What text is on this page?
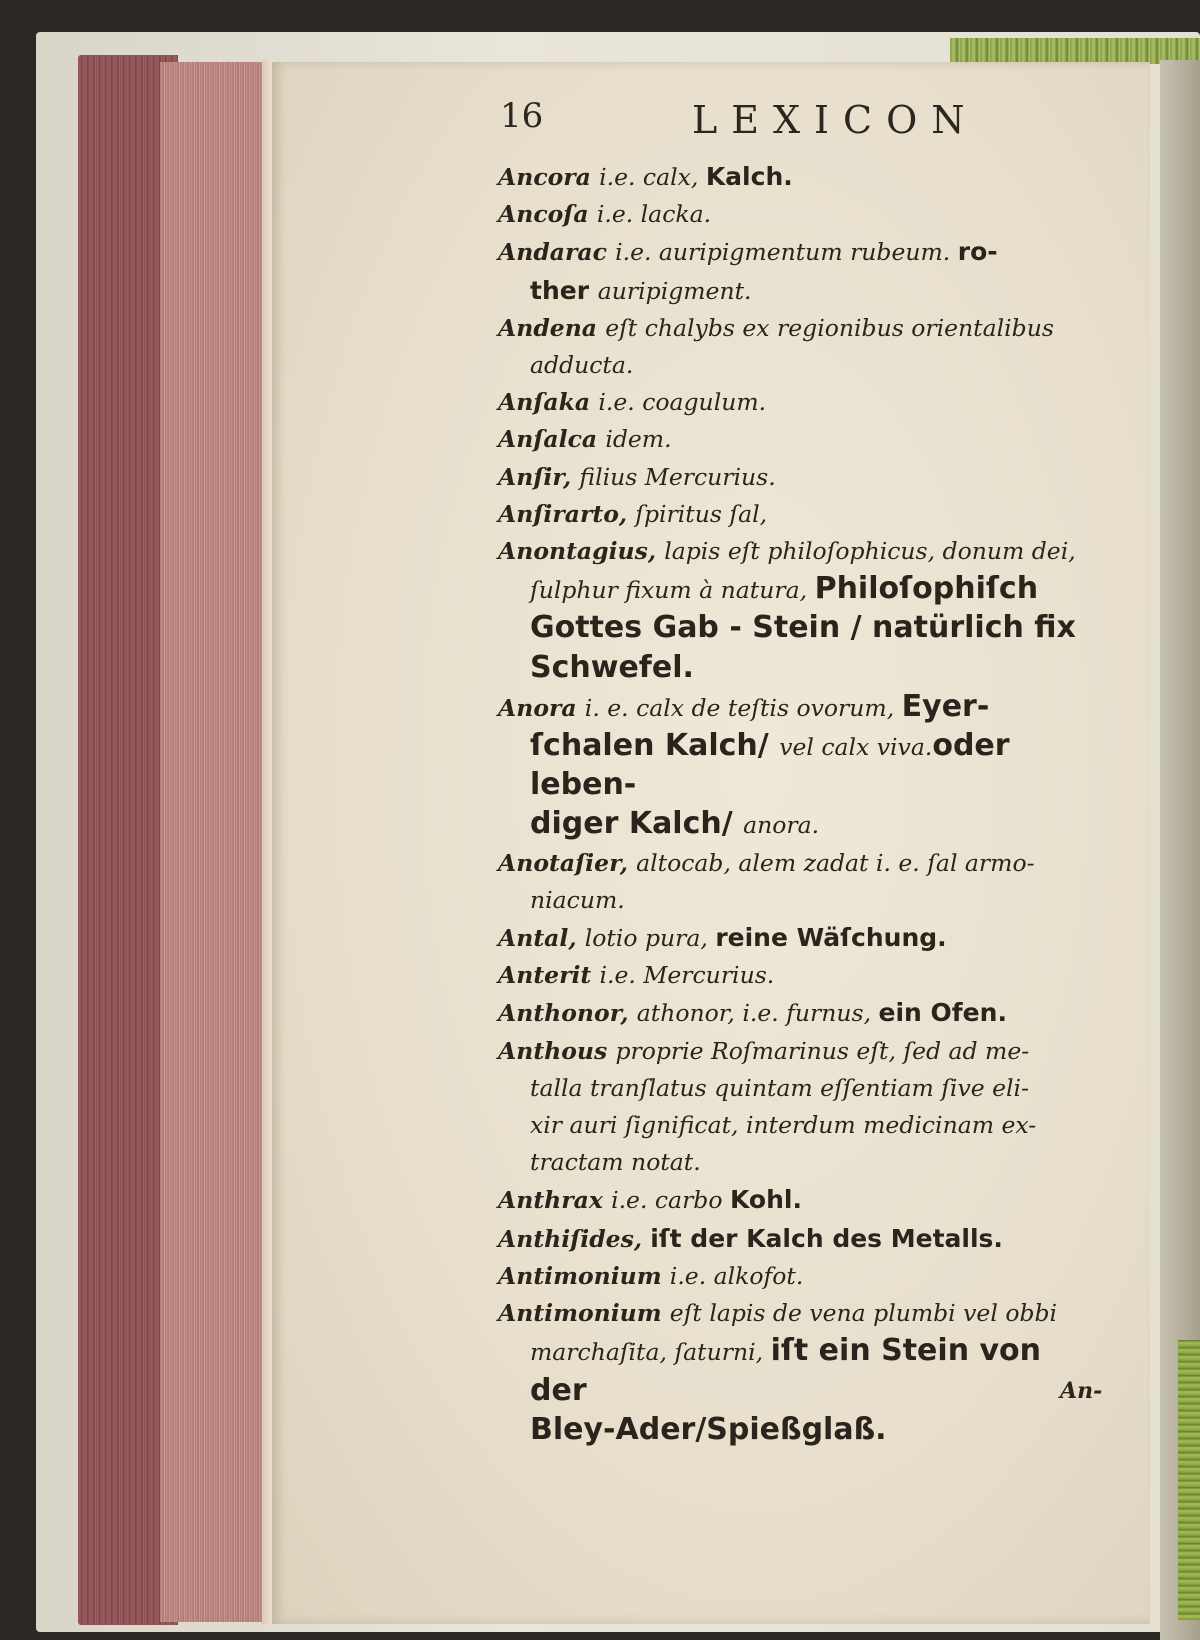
16	LEXICON
Ancora i.e. calx, Kalch.
Ancoſa i.e. lacka.
Andarac i.e. auripigmentum rubeum. ro-
ther auripigment.
Andena eſt chalybs ex regionibus orientalibus
adducta.
Anſaka i.e. coagulum.
Anſalca idem.
Anſir, filius Mercurius.
Anſirarto, ſpiritus ſal,
Anontagius, lapis eſt philoſophicus, donum dei,
ſulphur fixum à natura, Philoſophiſch
Gottes Gab - Stein / natürlich fix
Schwefel.
Anora i. e. calx de teſtis ovorum, Eyer-
ſchalen Kalch/ vel calx viva.oder leben-
diger Kalch/ anora.
Anotaſier, altocab, alem zadat i. e. ſal armo-
niacum.
Antal, lotio pura, reine Wäſchung.
Anterit i.e. Mercurius.
Anthonor, athonor, i.e. furnus, ein Ofen.
Anthous proprie Roſmarinus eſt, ſed ad me-
talla tranſlatus quintam eſſentiam ſive eli-
xir auri ſignificat, interdum medicinam ex-
tractam notat.
Anthrax i.e. carbo Kohl.
Anthiſides, iſt der Kalch des Metalls.
Antimonium i.e. alkofot.
Antimonium eſt lapis de vena plumbi vel obbi
marchaſita, ſaturni, iſt ein Stein von der
Bley-Ader/Spießglaß.
An-
